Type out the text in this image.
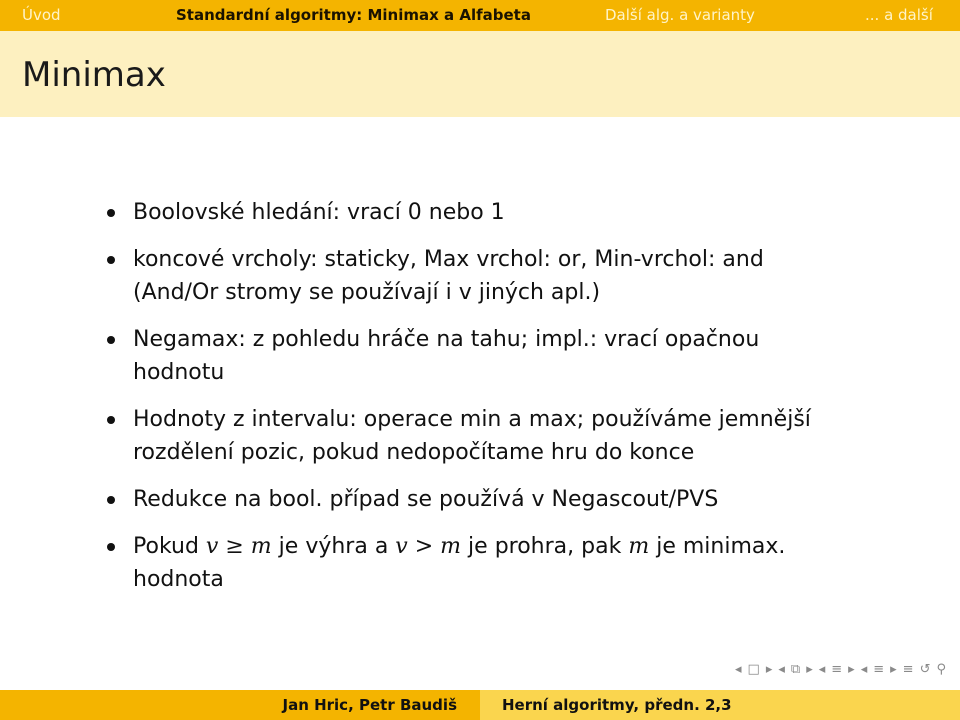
Úvod	Standardní algoritmy: Minimax a Alfabeta	Další alg. a varianty	... a další
Minimax
Boolovské hledání: vrací 0 nebo 1
koncové vrcholy: staticky, Max vrchol: or, Min-vrchol: and
(And/Or stromy se používají i v jiných apl.)
Negamax: z pohledu hráče na tahu; impl.: vrací opačnou
hodnotu
Hodnoty z intervalu: operace min a max; používáme jemnější
rozdělení pozic, pokud nedopočítame hru do konce
Redukce na bool. případ se používá v Negascout/PVS
Pokud v ≥ m je výhra a v > m je prohra, pak m je minimax.
hodnota
◂ □ ▸ ◂ ⧉ ▸ ◂ ≡ ▸ ◂ ≡ ▸ ≡ ↺ ⚲
Jan Hric, Petr Baudiš	Herní algoritmy, předn. 2,3
